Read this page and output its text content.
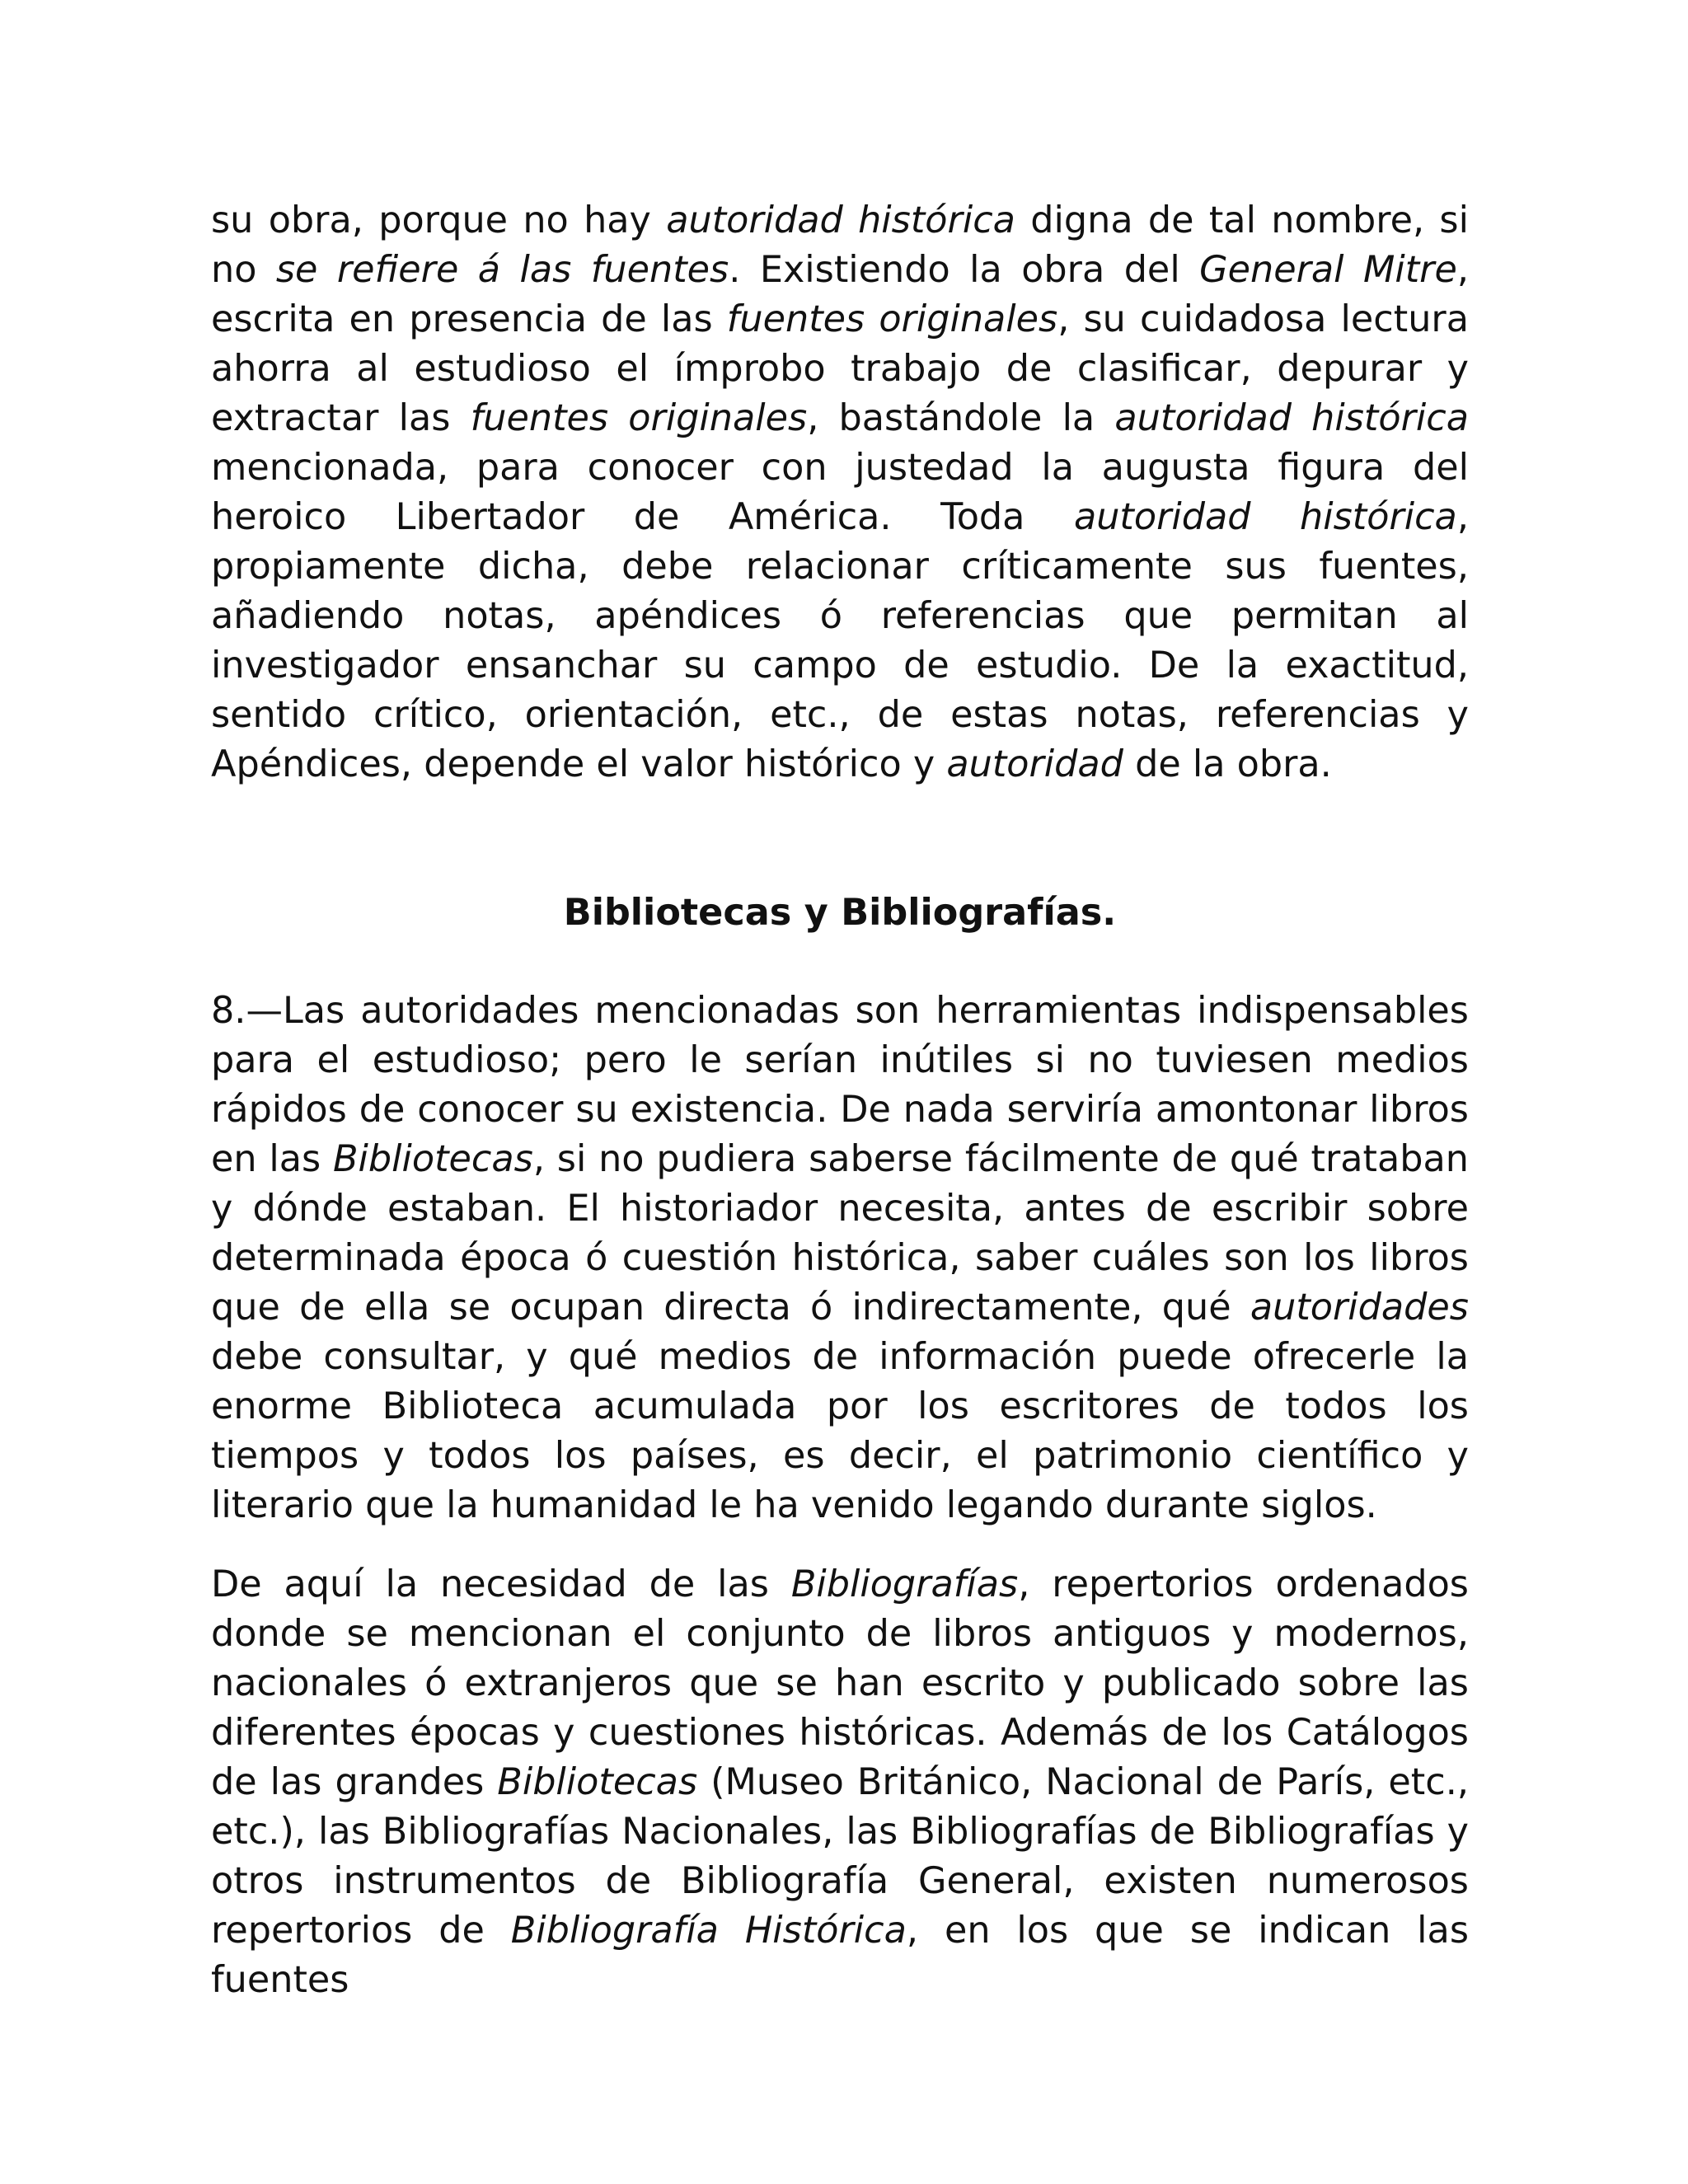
su obra, porque no hay autoridad histórica digna de tal nombre, si no se refiere á las fuentes. Existiendo la obra del General Mitre, escrita en presencia de las fuentes originales, su cuidadosa lectura ahorra al estudioso el ímprobo trabajo de clasificar, depurar y extractar las fuentes originales, bastándole la autoridad histórica mencionada, para conocer con justedad la augusta figura del heroico Libertador de América. Toda autoridad histórica, propiamente dicha, debe relacionar críticamente sus fuentes, añadiendo notas, apéndices ó referencias que permitan al investigador ensanchar su campo de estudio. De la exactitud, sentido crítico, orientación, etc., de estas notas, referencias y Apéndices, depende el valor histórico y autoridad de la obra.

Bibliotecas y Bibliografías.

8.—Las autoridades mencionadas son herramientas indispensables para el estudioso; pero le serían inútiles si no tuviesen medios rápidos de conocer su existencia. De nada serviría amontonar libros en las Bibliotecas, si no pudiera saberse fácilmente de qué trataban y dónde estaban. El historiador necesita, antes de escribir sobre determinada época ó cuestión histórica, saber cuáles son los libros que de ella se ocupan directa ó indirectamente, qué autoridades debe consultar, y qué medios de información puede ofrecerle la enorme Biblioteca acumulada por los escritores de todos los tiempos y todos los países, es decir, el patrimonio científico y literario que la humanidad le ha venido legando durante siglos.

De aquí la necesidad de las Bibliografías, repertorios ordenados donde se mencionan el conjunto de libros antiguos y modernos, nacionales ó extranjeros que se han escrito y publicado sobre las diferentes épocas y cuestiones históricas. Además de los Catálogos de las grandes Bibliotecas (Museo Británico, Nacional de París, etc., etc.), las Bibliografías Nacionales, las Bibliografías de Bibliografías y otros instrumentos de Bibliografía General, existen numerosos repertorios de Bibliografía Histórica, en los que se indican las fuentes
